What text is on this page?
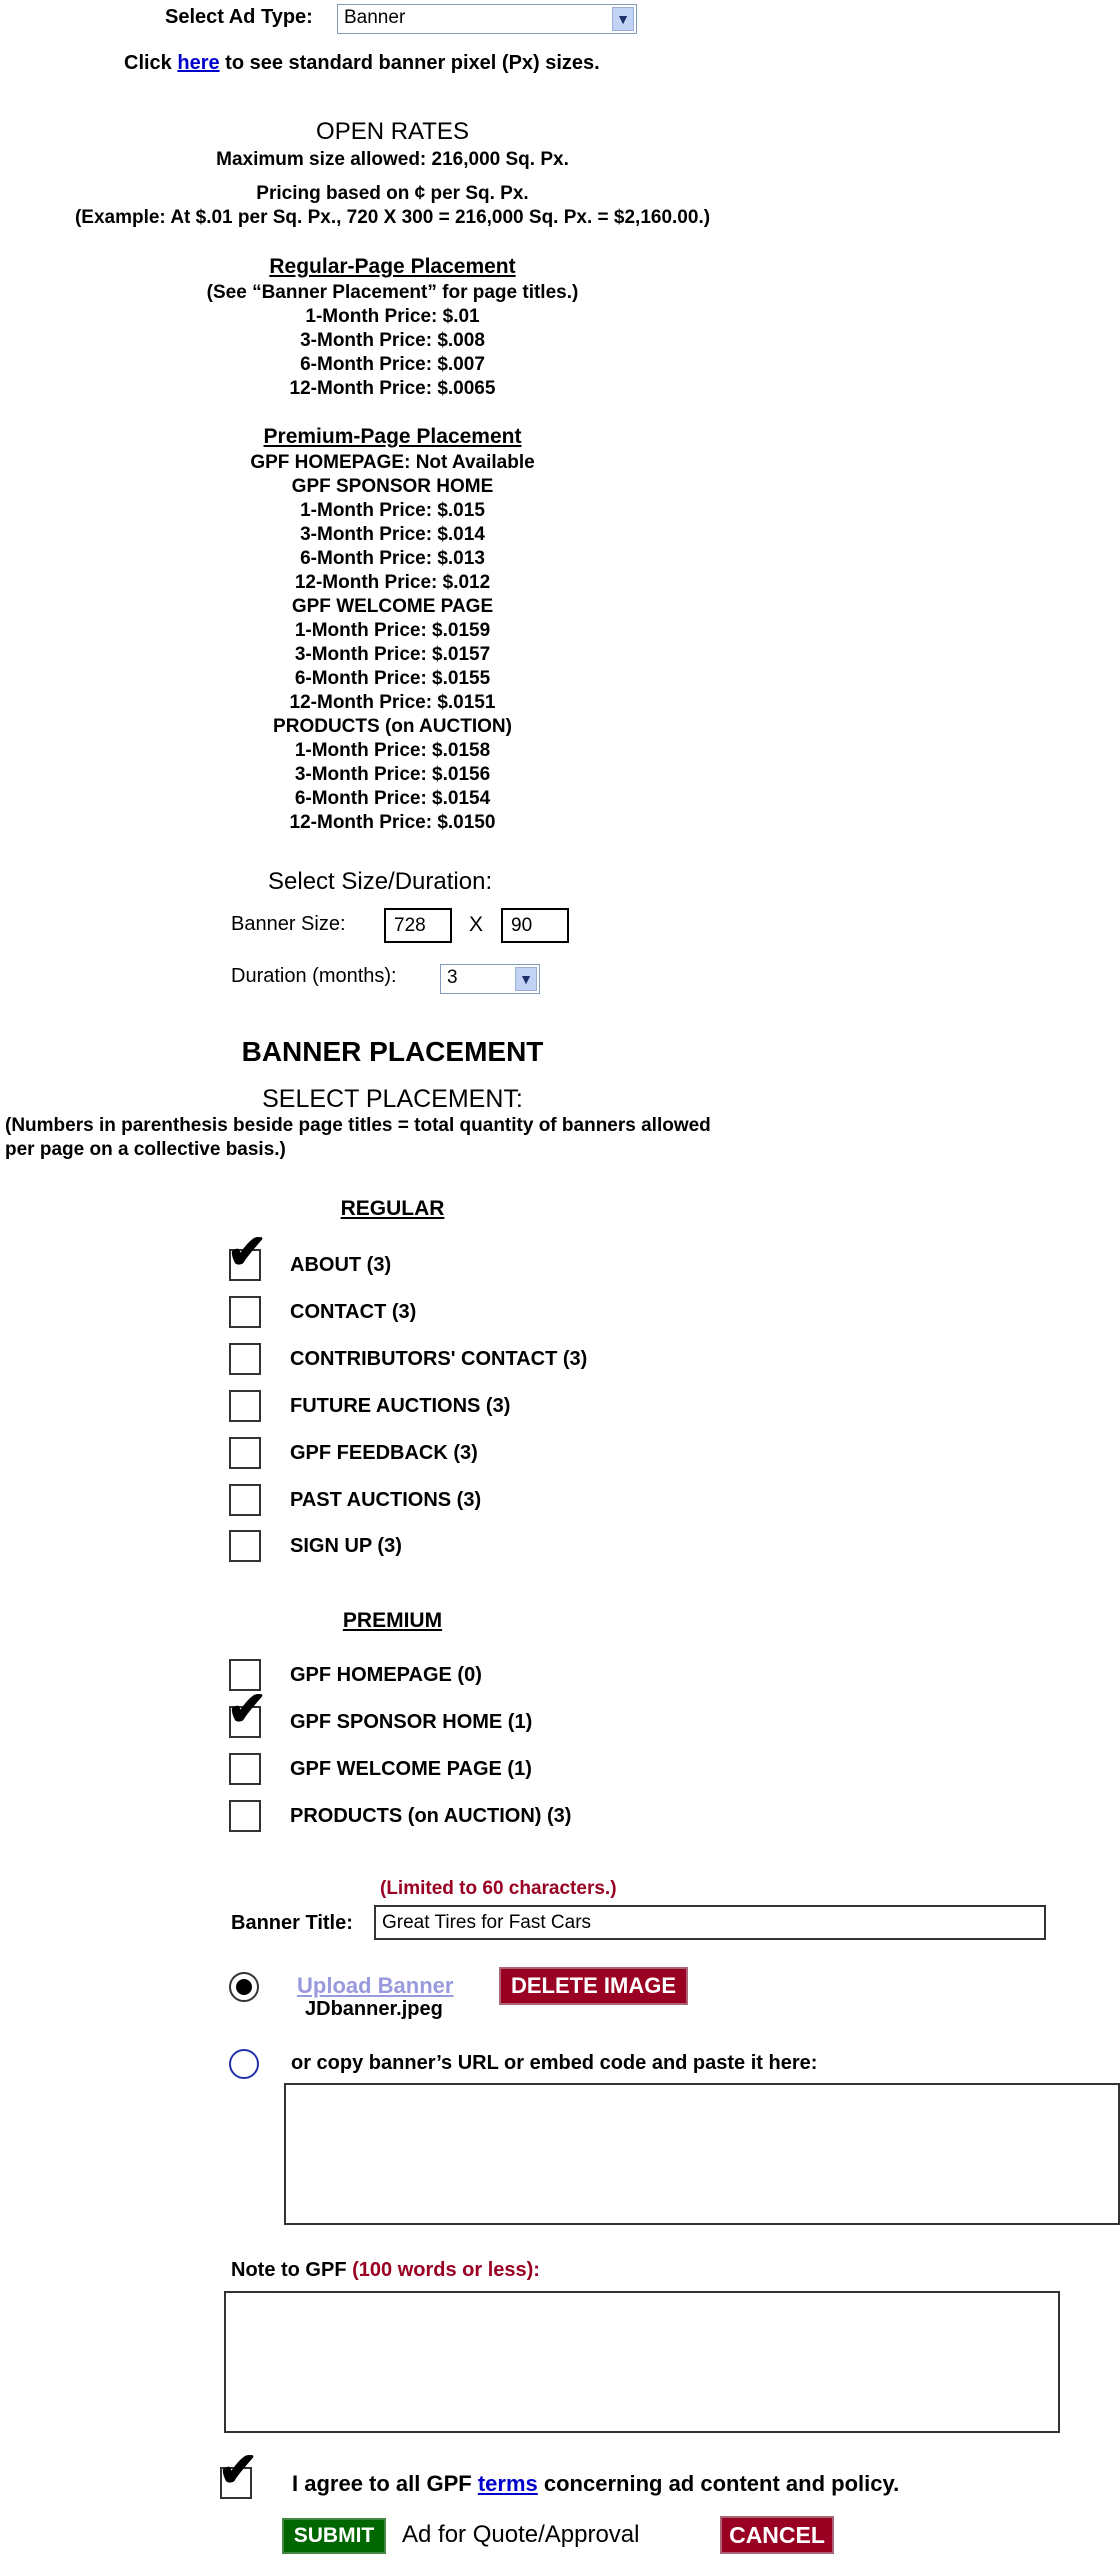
Select Ad Type:	Banner	▼
Click here to see standard banner pixel (Px) sizes.
OPEN RATES
Maximum size allowed: 216,000 Sq. Px.
Pricing based on ¢ per Sq. Px.
(Example: At $.01 per Sq. Px., 720 X 300 = 216,000 Sq. Px. = $2,160.00.)
Regular-Page Placement
(See “Banner Placement” for page titles.)
1-Month Price: $.01
3-Month Price: $.008
6-Month Price: $.007
12-Month Price: $.0065
Premium-Page Placement
GPF HOMEPAGE: Not Available
GPF SPONSOR HOME
1-Month Price: $.015
3-Month Price: $.014
6-Month Price: $.013
12-Month Price: $.012
GPF WELCOME PAGE
1-Month Price: $.0159
3-Month Price: $.0157
6-Month Price: $.0155
12-Month Price: $.0151
PRODUCTS (on AUCTION)
1-Month Price: $.0158
3-Month Price: $.0156
6-Month Price: $.0154
12-Month Price: $.0150
Select Size/Duration:
Banner Size:	728	X	90
Duration (months):	3	▼
BANNER PLACEMENT
SELECT PLACEMENT:
(Numbers in parenthesis beside page titles = total quantity of banners allowed
per page on a collective basis.)
REGULAR
✔ ABOUT (3)
CONTACT (3)
CONTRIBUTORS' CONTACT (3)
FUTURE AUCTIONS (3)
GPF FEEDBACK (3)
PAST AUCTIONS (3)
SIGN UP (3)
PREMIUM
GPF HOMEPAGE (0)
✔ GPF SPONSOR HOME (1)
GPF WELCOME PAGE (1)
PRODUCTS (on AUCTION) (3)
(Limited to 60 characters.)
Banner Title:	Great Tires for Fast Cars
Upload Banner	DELETE IMAGE
JDbanner.jpeg
or copy banner’s URL or embed code and paste it here:
Note to GPF (100 words or less):
✔ I agree to all GPF terms concerning ad content and policy.
SUBMIT	Ad for Quote/Approval	CANCEL
